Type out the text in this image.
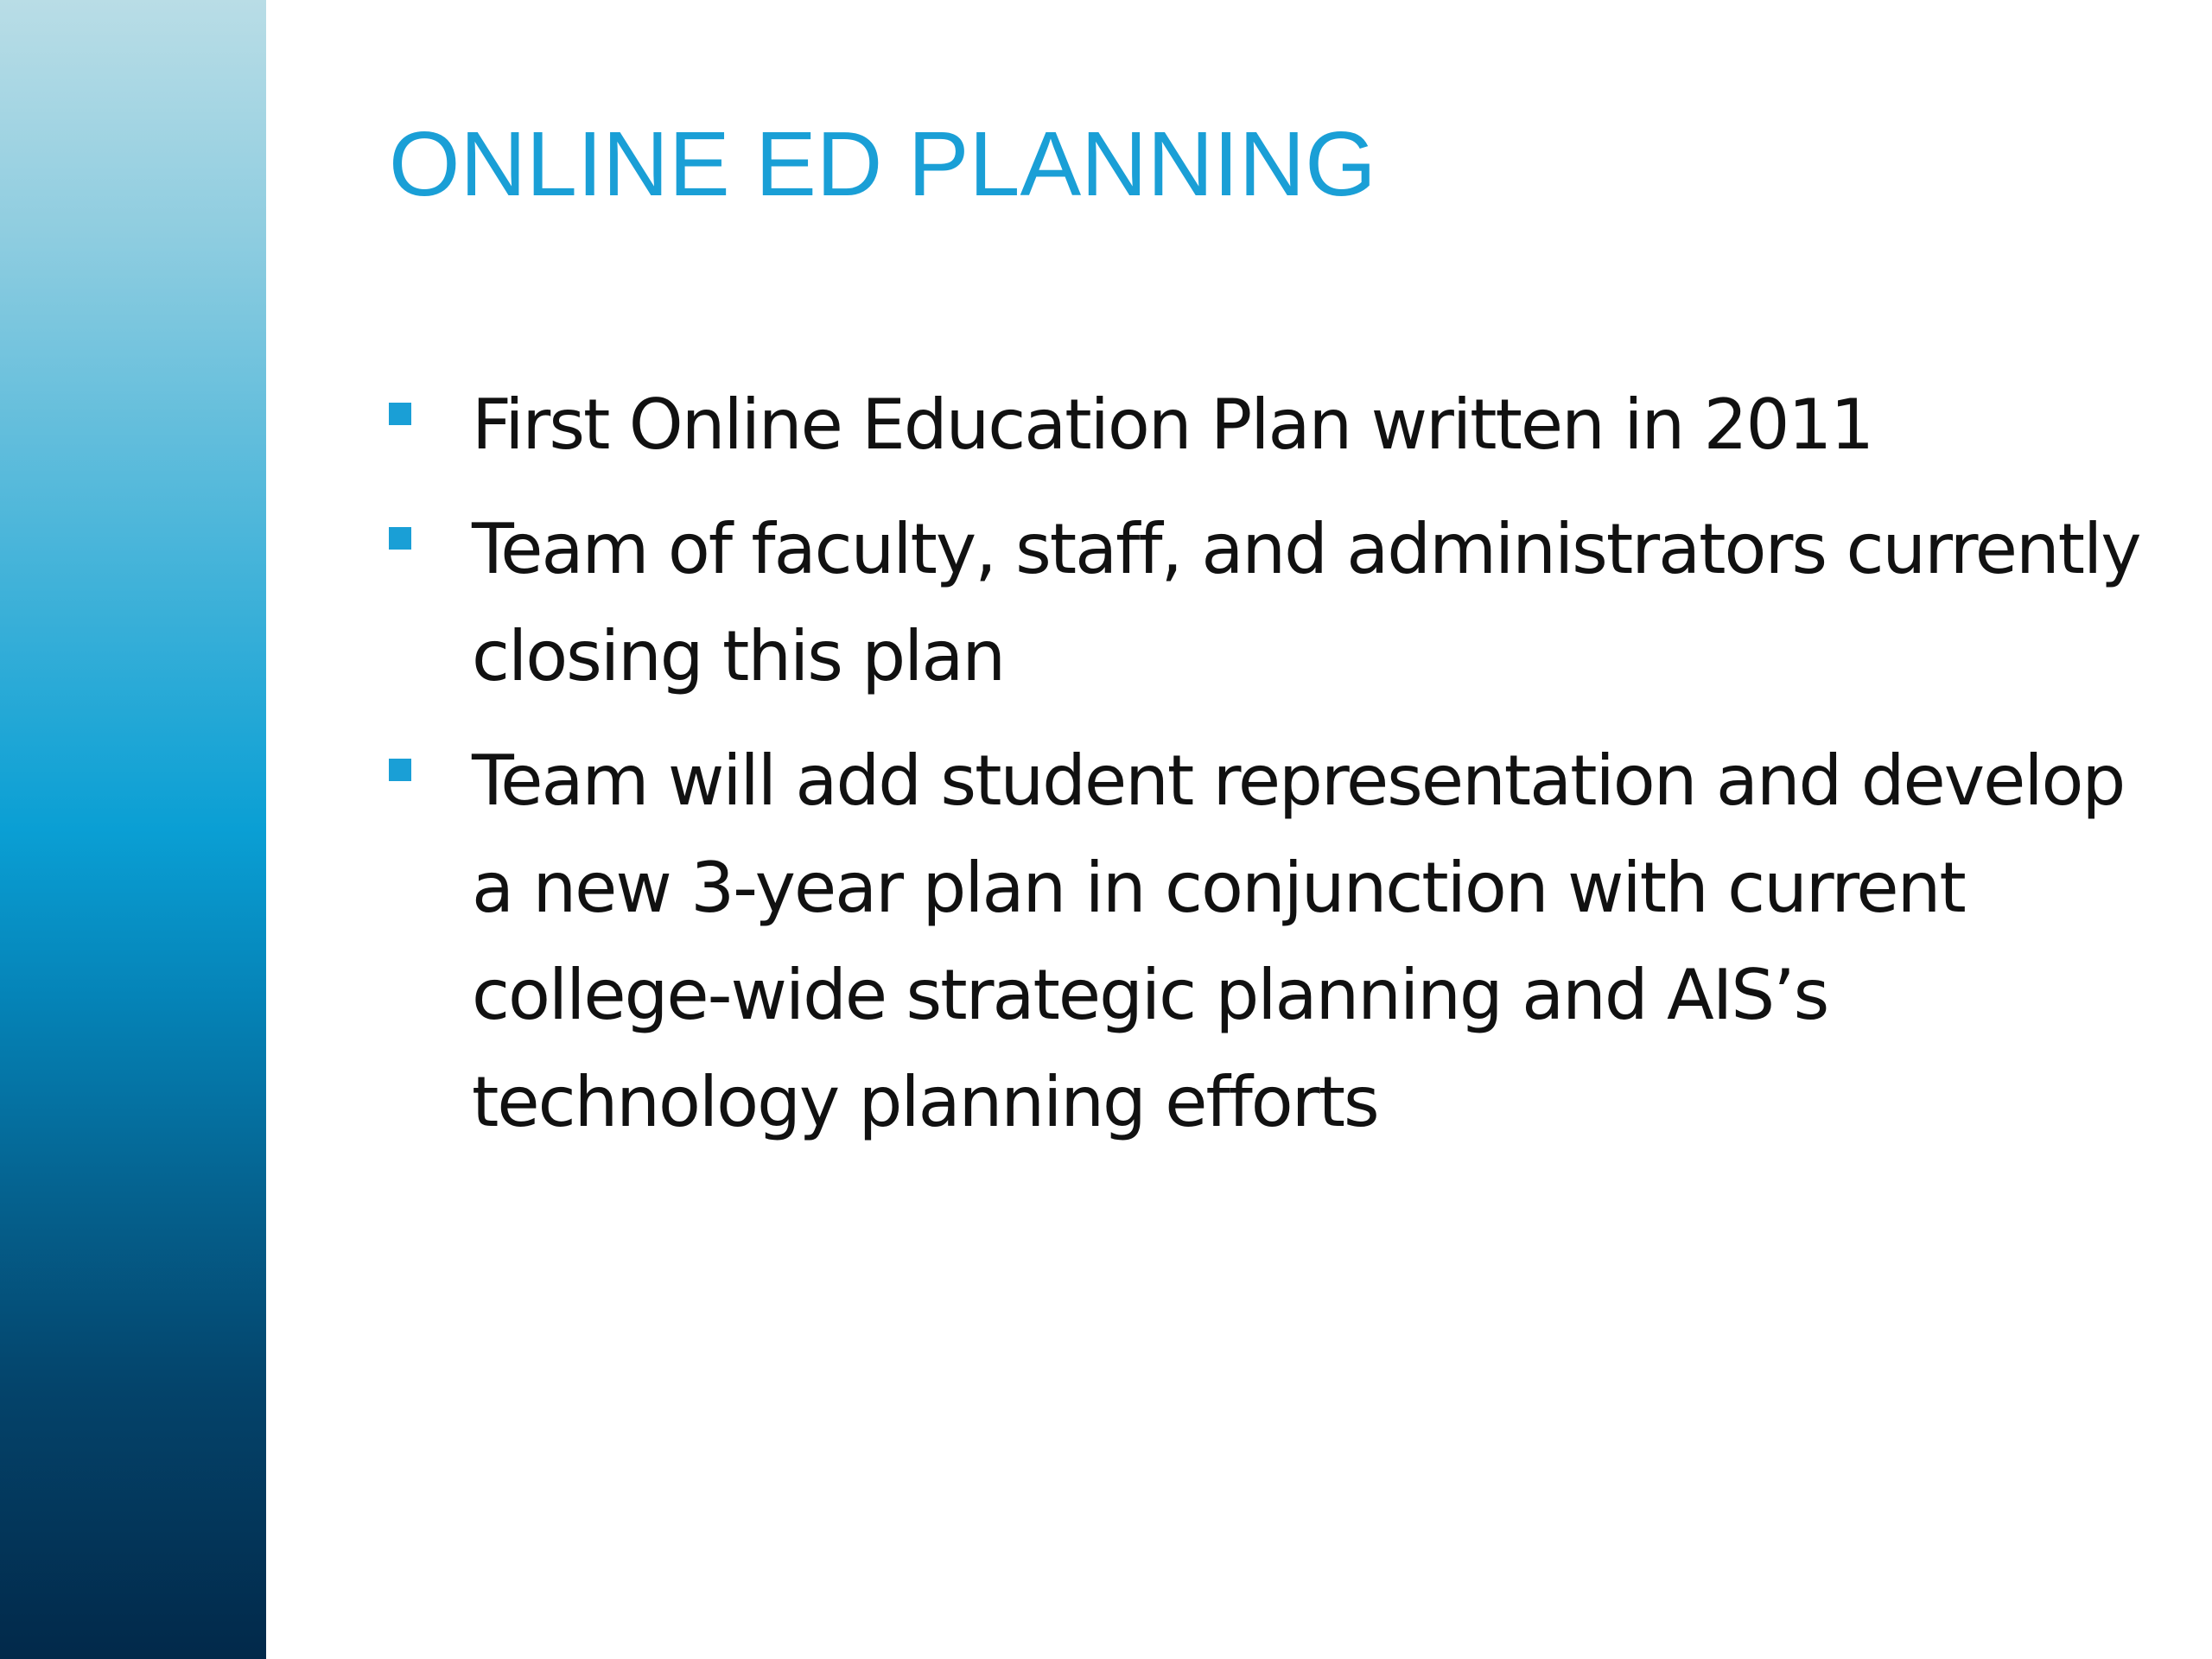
ONLINE ED PLANNING
First Online Education Plan written in 2011
Team of faculty, staff, and administrators currently closing this plan
Team will add student representation and develop a new 3-year plan in conjunction with current college-wide strategic planning and AIS’s technology planning efforts
